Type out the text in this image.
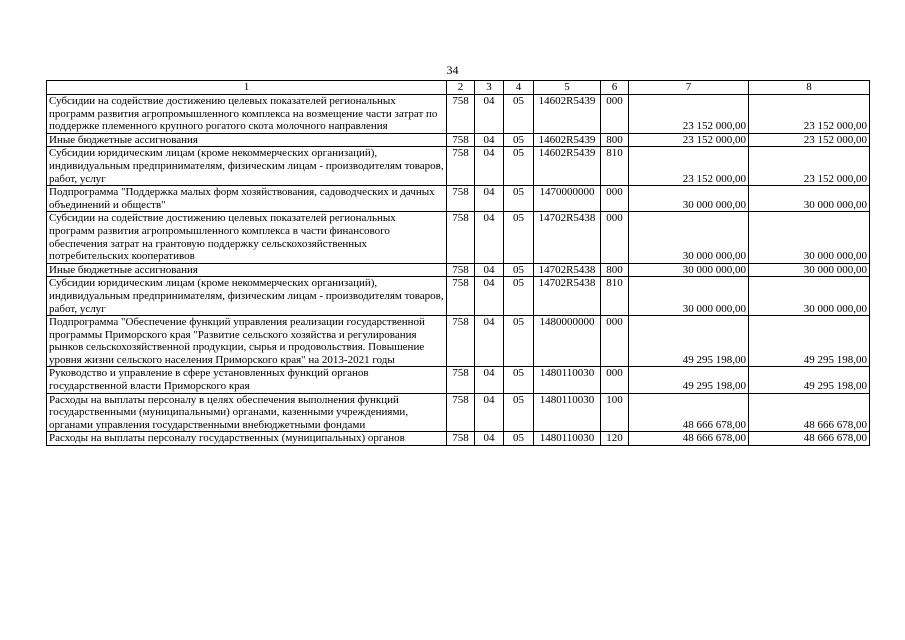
34
1	2	3	4	5	6	7	8
Субсидии на содействие достижению целевых показателей региональных программ развития агропромышленного комплекса на возмещение части затрат по поддержке племенного крупного рогатого скота молочного направления	758	04	05	14602R5439	000	23 152 000,00	23 152 000,00
Иные бюджетные ассигнования	758	04	05	14602R5439	800	23 152 000,00	23 152 000,00
Субсидии юридическим лицам (кроме некоммерческих организаций), индивидуальным предпринимателям, физическим лицам - производителям товаров, работ, услуг	758	04	05	14602R5439	810	23 152 000,00	23 152 000,00
Подпрограмма "Поддержка малых форм хозяйствования, садоводческих и дачных объединений и обществ"	758	04	05	1470000000	000	30 000 000,00	30 000 000,00
Субсидии на содействие достижению целевых показателей региональных программ развития агропромышленного комплекса в части финансового обеспечения затрат на грантовую поддержку сельскохозяйственных потребительских кооперативов	758	04	05	14702R5438	000	30 000 000,00	30 000 000,00
Иные бюджетные ассигнования	758	04	05	14702R5438	800	30 000 000,00	30 000 000,00
Субсидии юридическим лицам (кроме некоммерческих организаций), индивидуальным предпринимателям, физическим лицам - производителям товаров, работ, услуг	758	04	05	14702R5438	810	30 000 000,00	30 000 000,00
Подпрограмма "Обеспечение функций управления реализации государственной программы Приморского края "Развитие сельского хозяйства и регулирования рынков сельскохозяйственной продукции, сырья и продовольствия. Повышение уровня жизни сельского населения Приморского края" на 2013-2021 годы	758	04	05	1480000000	000	49 295 198,00	49 295 198,00
Руководство и управление в сфере установленных функций органов государственной власти Приморского края	758	04	05	1480110030	000	49 295 198,00	49 295 198,00
Расходы на выплаты персоналу в целях обеспечения выполнения функций государственными (муниципальными) органами, казенными учреждениями, органами управления государственными внебюджетными фондами	758	04	05	1480110030	100	48 666 678,00	48 666 678,00
Расходы на выплаты персоналу государственных (муниципальных) органов	758	04	05	1480110030	120	48 666 678,00	48 666 678,00
